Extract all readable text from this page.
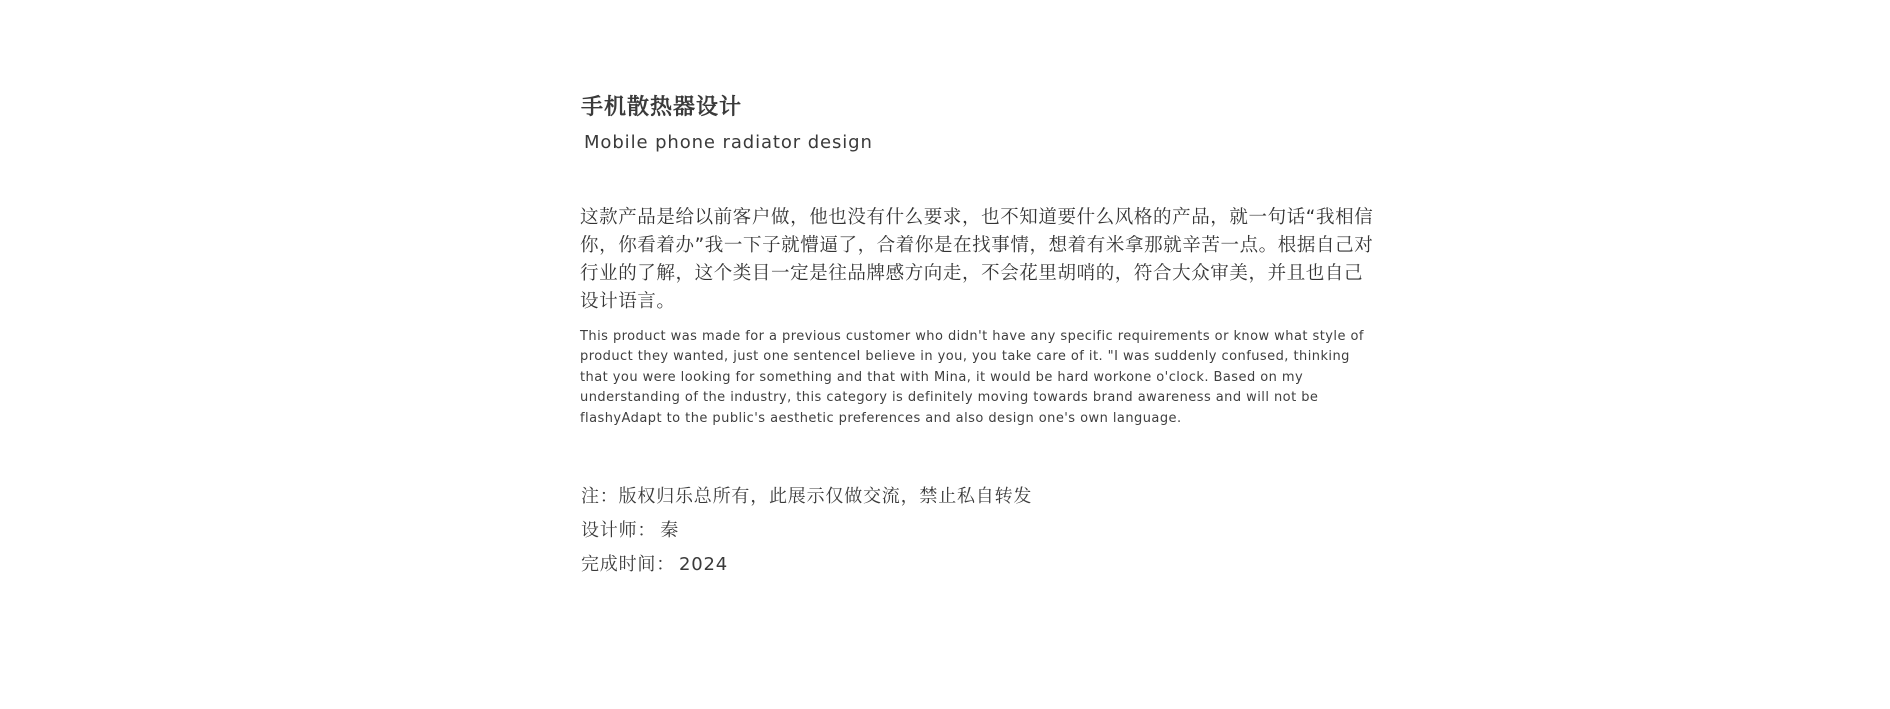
手机散热器设计
Mobile phone radiator design
这款产品是给以前客户做，他也没有什么要求，也不知道要什么风格的产品，就一句话“我相信你，你看着办”我一下子就懵逼了，合着你是在找事情，想着有米拿那就辛苦一点。根据自己对行业的了解，这个类目一定是往品牌感方向走，不会花里胡哨的，符合大众审美，并且也自己设计语言。
This product was made for a previous customer who didn't have any specific requirements or know what style of product they wanted, just one sentenceI believe in you, you take care of it. "I was suddenly confused, thinking that you were looking for something and that with Mina, it would be hard workone o'clock. Based on my understanding of the industry, this category is definitely moving towards brand awareness and will not be flashyAdapt to the public's aesthetic preferences and also design one's own language.
注：版权归乐总所有，此展示仅做交流，禁止私自转发
设计师： 秦
完成时间： 2024
